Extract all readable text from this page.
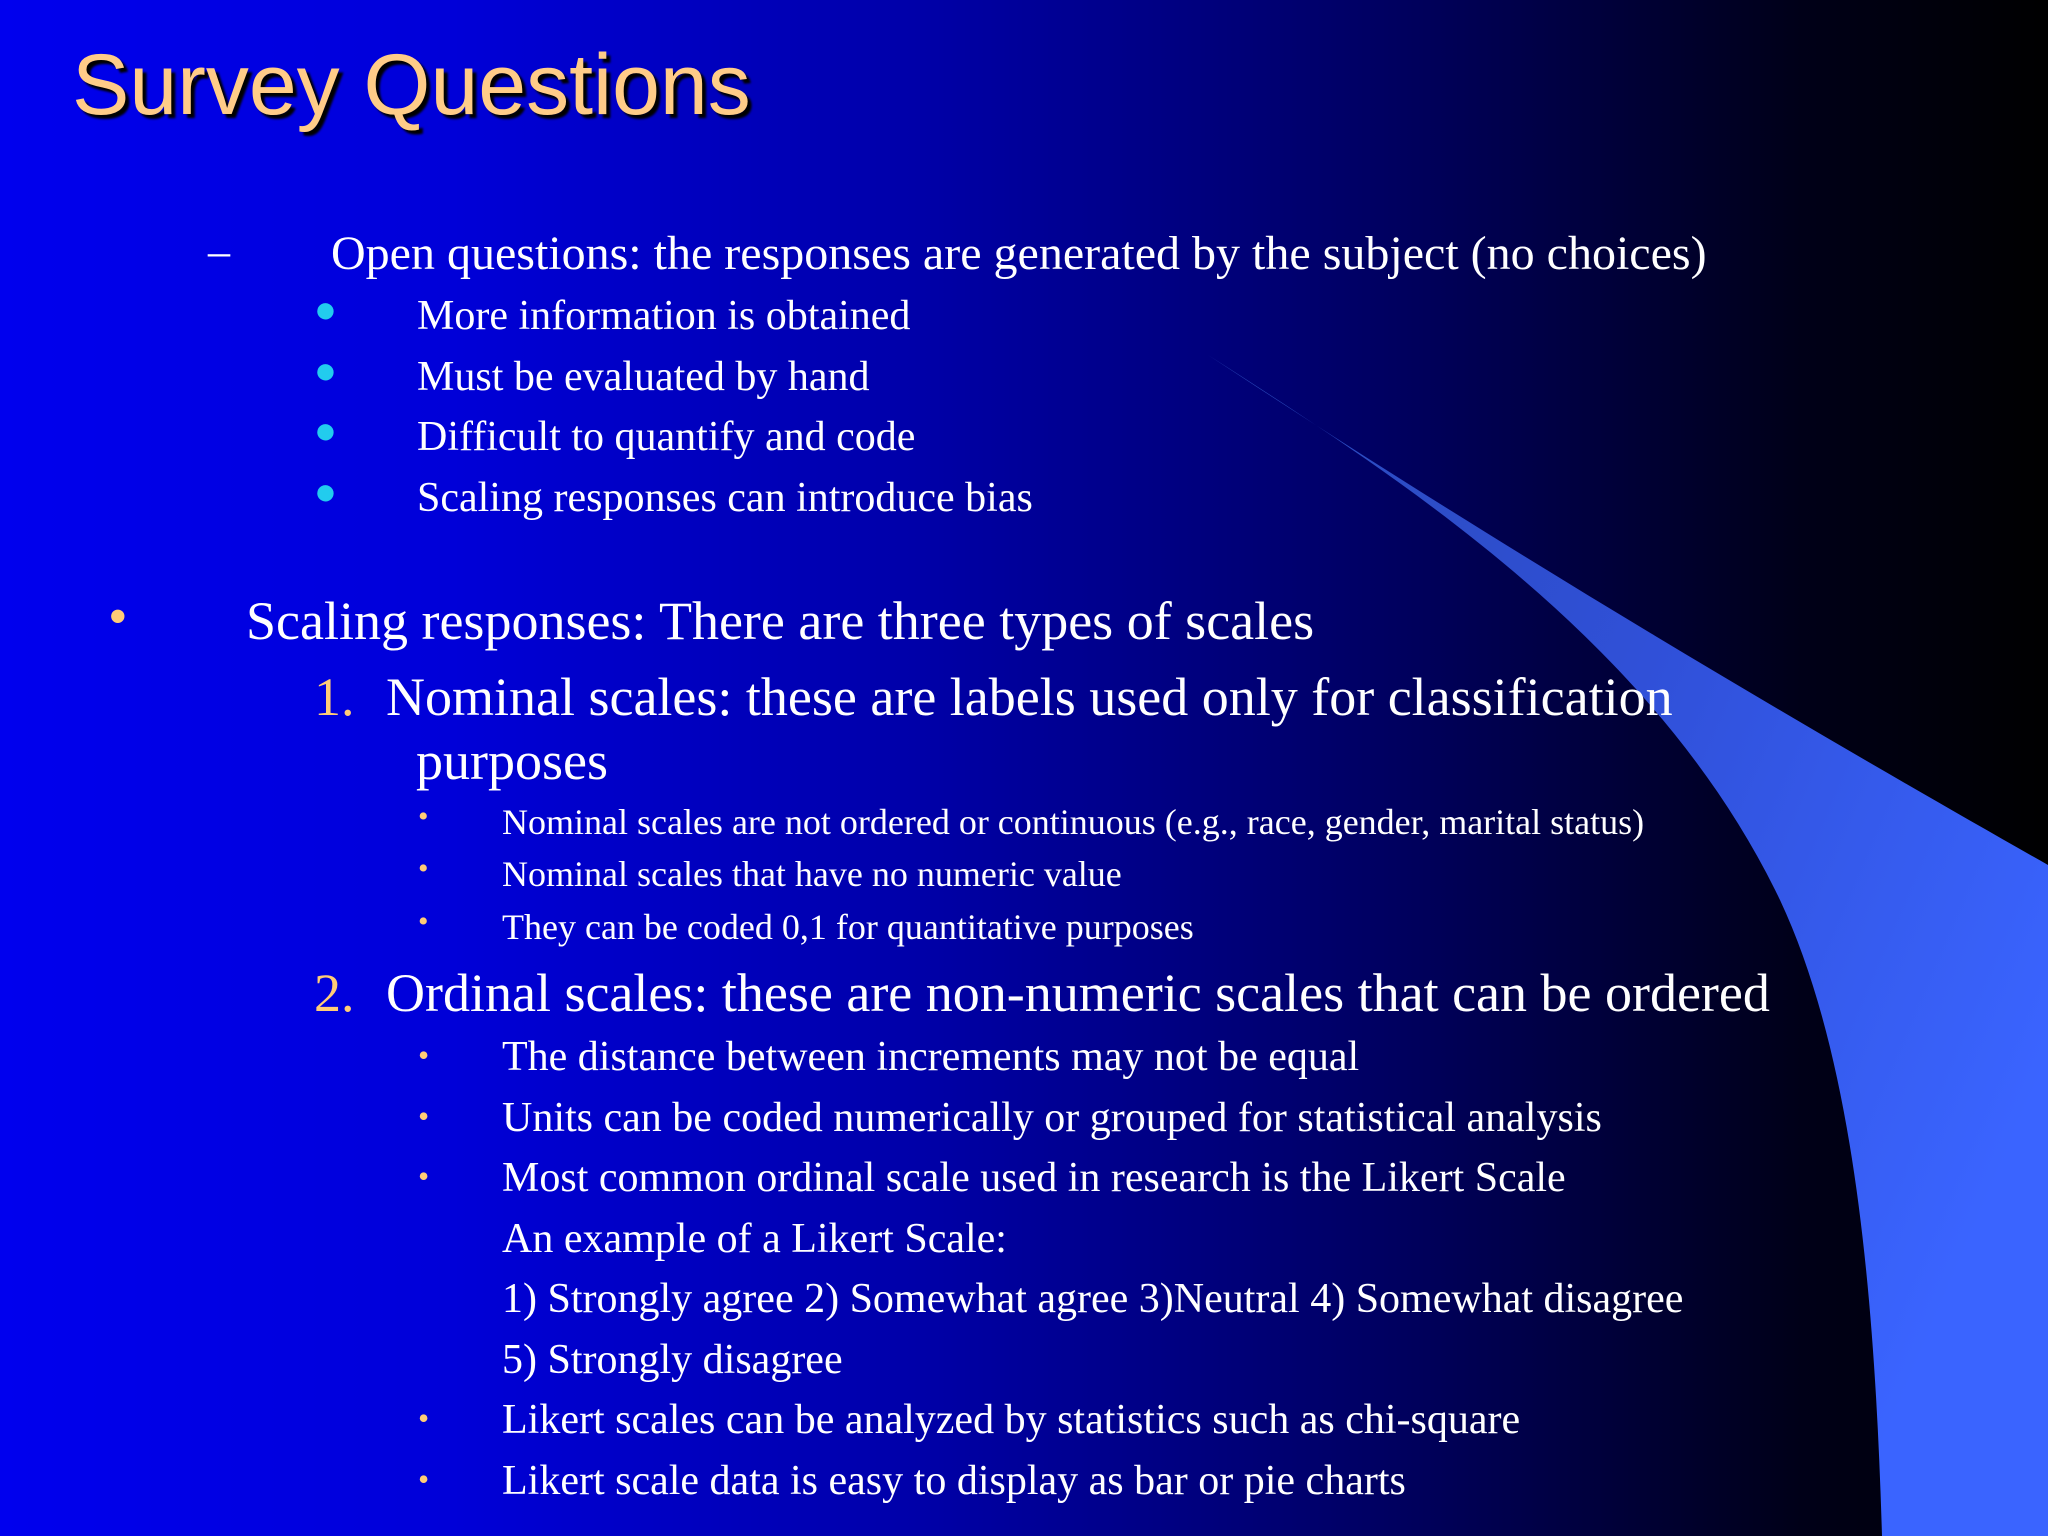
Survey Questions
– Open questions: the responses are generated by the subject (no choices)
● More information is obtained
● Must be evaluated by hand
● Difficult to quantify and code
● Scaling responses can introduce bias
• Scaling responses: There are three types of scales
1. Nominal scales: these are labels used only for classification
purposes
• Nominal scales are not ordered or continuous (e.g., race, gender, marital status)
• Nominal scales that have no numeric value
• They can be coded 0,1 for quantitative purposes
2. Ordinal scales: these are non-numeric scales that can be ordered
• The distance between increments may not be equal
• Units can be coded numerically or grouped for statistical analysis
• Most common ordinal scale used in research is the Likert Scale
An example of a Likert Scale:
1) Strongly agree 2) Somewhat agree 3)Neutral 4) Somewhat disagree
5) Strongly disagree
• Likert scales can be analyzed by statistics such as chi-square
• Likert scale data is easy to display as bar or pie charts
